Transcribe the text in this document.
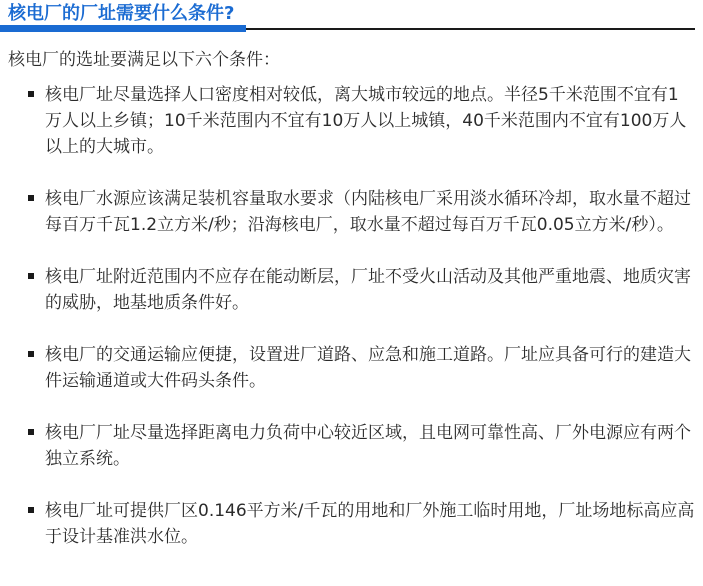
核电厂的厂址需要什么条件?

核电厂的选址要满足以下六个条件：

核电厂址尽量选择人口密度相对较低，离大城市较远的地点。半径5千米范围不宜有1万人以上乡镇；10千米范围内不宜有10万人以上城镇，40千米范围内不宜有100万人以上的大城市。
核电厂水源应该满足装机容量取水要求（内陆核电厂采用淡水循环冷却，取水量不超过每百万千瓦1.2立方米/秒；沿海核电厂，取水量不超过每百万千瓦0.05立方米/秒）。
核电厂址附近范围内不应存在能动断层，厂址不受火山活动及其他严重地震、地质灾害的威胁，地基地质条件好。
核电厂的交通运输应便捷，设置进厂道路、应急和施工道路。厂址应具备可行的建造大件运输通道或大件码头条件。
核电厂厂址尽量选择距离电力负荷中心较近区域，且电网可靠性高、厂外电源应有两个独立系统。
核电厂址可提供厂区0.146平方米/千瓦的用地和厂外施工临时用地，厂址场地标高应高于设计基准洪水位。
